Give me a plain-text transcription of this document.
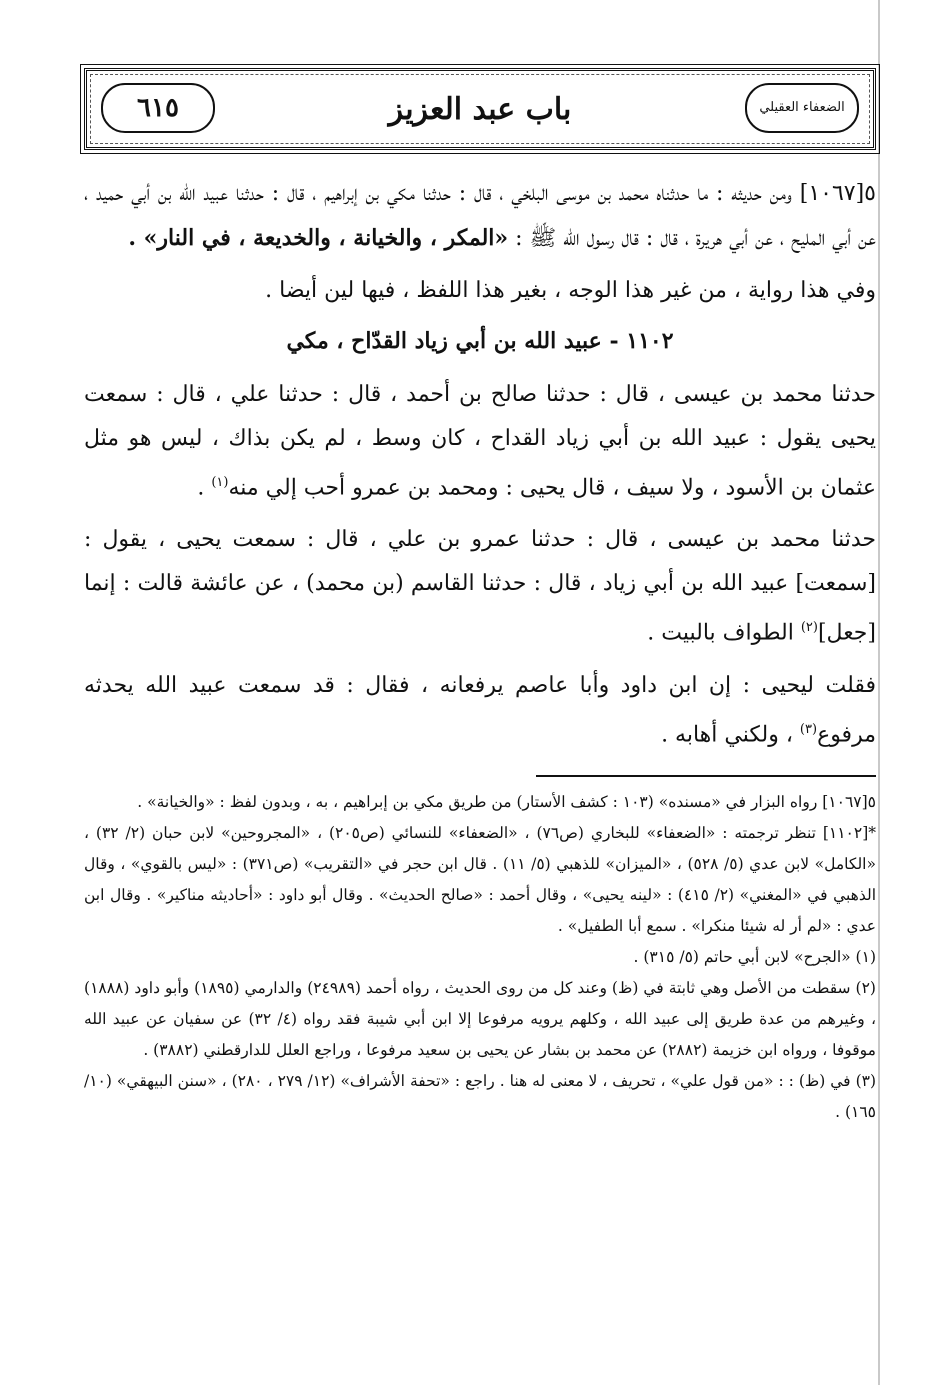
الضعفاء العقيلي
باب عبد العزيز
٦١٥

٥[١٠٦٧] ومن حديثه : ما حدثناه محمد بن موسى البلخي ، قال : حدثنا مكي بن إبراهيم ، قال : حدثنا عبيد الله بن أبي حميد ، عن أبي المليح ، عن أبي هريرة ، قال : قال رسول الله ﷺ : «المكر ، والخيانة ، والخديعة ، في النار» .

وفي هذا رواية ، من غير هذا الوجه ، بغير هذا اللفظ ، فيها لين أيضا .

١١٠٢ - عبيد الله بن أبي زياد القدّاح ، مكي

حدثنا محمد بن عيسى ، قال : حدثنا صالح بن أحمد ، قال : حدثنا علي ، قال : سمعت يحيى يقول : عبيد الله بن أبي زياد القداح ، كان وسط ، لم يكن بذاك ، ليس هو مثل عثمان بن الأسود ، ولا سيف ، قال يحيى : ومحمد بن عمرو أحب إلي منه$^{(١)}$ .

حدثنا محمد بن عيسى ، قال : حدثنا عمرو بن علي ، قال : سمعت يحيى ، يقول : [سمعت] عبيد الله بن أبي زياد ، قال : حدثنا القاسم (بن محمد) ، عن عائشة قالت : إنما [جعل]$^{(٢)}$ الطواف بالبيت .

فقلت ليحيى : إن ابن داود وأبا عاصم يرفعانه ، فقال : قد سمعت عبيد الله يحدثه مرفوع$^{(٣)}$ ، ولكني أهابه .

٥[١٠٦٧] رواه البزار في «مسنده» (١٠٣ : كشف الأستار) من طريق مكي بن إبراهيم ، به ، وبدون لفظ : «والخيانة» .

*[١١٠٢] تنظر ترجمته : «الضعفاء» للبخاري (ص٧٦) ، «الضعفاء» للنسائي (ص٢٠٥) ، «المجروحين» لابن حبان (٢/ ٣٢) ، «الكامل» لابن عدي (٥/ ٥٢٨) ، «الميزان» للذهبي (٥/ ١١) . قال ابن حجر في «التقريب» (ص٣٧١) : «ليس بالقوي» ، وقال الذهبي في «المغني» (٢/ ٤١٥) : «لينه يحيى» ، وقال أحمد : «صالح الحديث» . وقال أبو داود : «أحاديثه مناكير» . وقال ابن عدي : «لم أر له شيئا منكرا» . سمع أبا الطفيل» .

(١) «الجرح» لابن أبي حاتم (٥/ ٣١٥) .

(٢) سقطت من الأصل وهي ثابتة في (ظ) وعند كل من روى الحديث ، رواه أحمد (٢٤٩٨٩) والدارمي (١٨٩٥) وأبو داود (١٨٨٨) ، وغيرهم من عدة طريق إلى عبيد الله ، وكلهم يرويه مرفوعا إلا ابن أبي شيبة فقد رواه (٤/ ٣٢) عن سفيان عن عبيد الله موقوفا ، ورواه ابن خزيمة (٢٨٨٢) عن محمد بن بشار عن يحيى بن سعيد مرفوعا ، وراجع العلل للدارقطني (٣٨٨٢) .

(٣) في (ظ) : : «من قول علي» ، تحريف ، لا معنى له هنا . راجع : «تحفة الأشراف» (١٢/ ٢٧٩ ، ٢٨٠) ، «سنن البيهقي» (١٠/ ١٦٥) .
